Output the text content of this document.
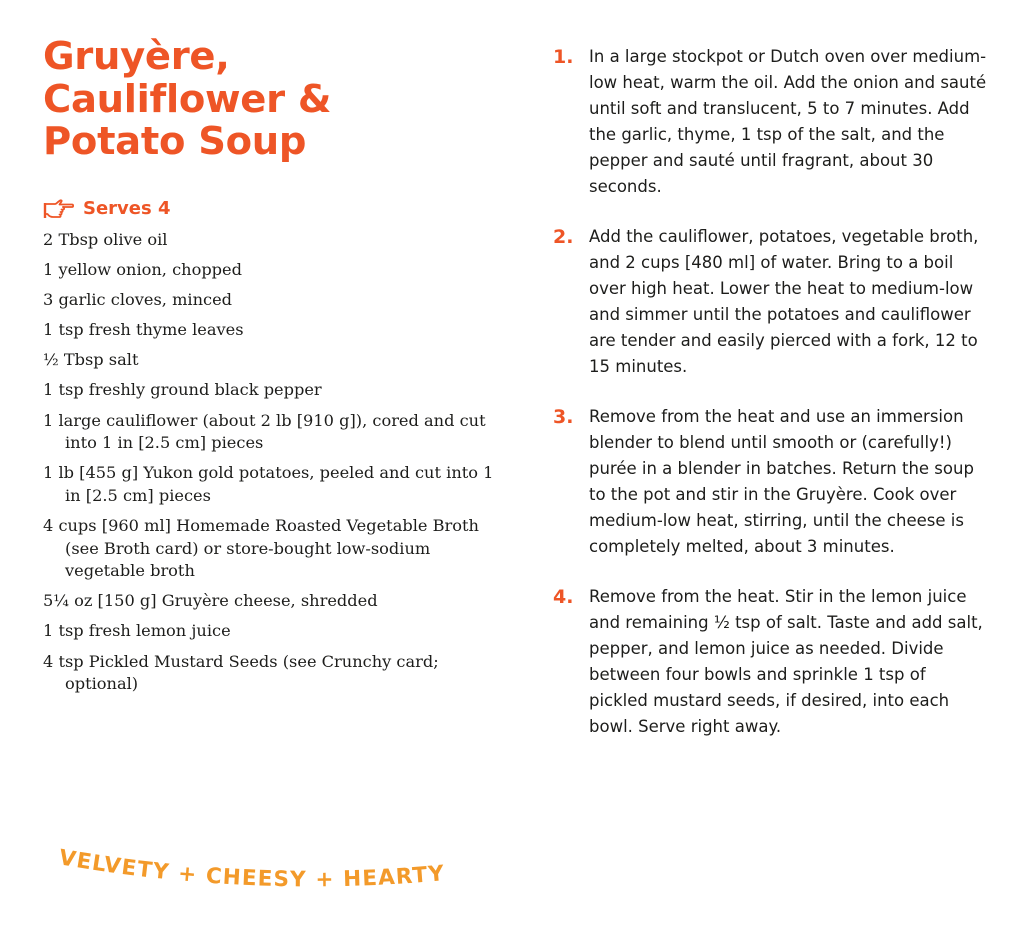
Gruyère,
Cauliflower &
Potato Soup
Serves 4
2 Tbsp olive oil
1 yellow onion, chopped
3 garlic cloves, minced
1 tsp fresh thyme leaves
½ Tbsp salt
1 tsp freshly ground black pepper
1 large cauliflower (about 2 lb [910 g]), cored and cut into 1 in [2.5 cm] pieces
1 lb [455 g] Yukon gold potatoes, peeled and cut into 1 in [2.5 cm] pieces
4 cups [960 ml] Homemade Roasted Vegetable Broth (see Broth card) or store-bought low-sodium vegetable broth
5¼ oz [150 g] Gruyère cheese, shredded
1 tsp fresh lemon juice
4 tsp Pickled Mustard Seeds (see Crunchy card; optional)
VELVETY + CHEESY + HEARTY
1. In a large stockpot or Dutch oven over medium-low heat, warm the oil. Add the onion and sauté until soft and translucent, 5 to 7 minutes. Add the garlic, thyme, 1 tsp of the salt, and the pepper and sauté until fragrant, about 30 seconds.
2. Add the cauliflower, potatoes, vegetable broth, and 2 cups [480 ml] of water. Bring to a boil over high heat. Lower the heat to medium-low and simmer until the potatoes and cauliflower are tender and easily pierced with a fork, 12 to 15 minutes.
3. Remove from the heat and use an immersion blender to blend until smooth or (carefully!) purée in a blender in batches. Return the soup to the pot and stir in the Gruyère. Cook over medium-low heat, stirring, until the cheese is completely melted, about 3 minutes.
4. Remove from the heat. Stir in the lemon juice and remaining ½ tsp of salt. Taste and add salt, pepper, and lemon juice as needed. Divide between four bowls and sprinkle 1 tsp of pickled mustard seeds, if desired, into each bowl. Serve right away.
